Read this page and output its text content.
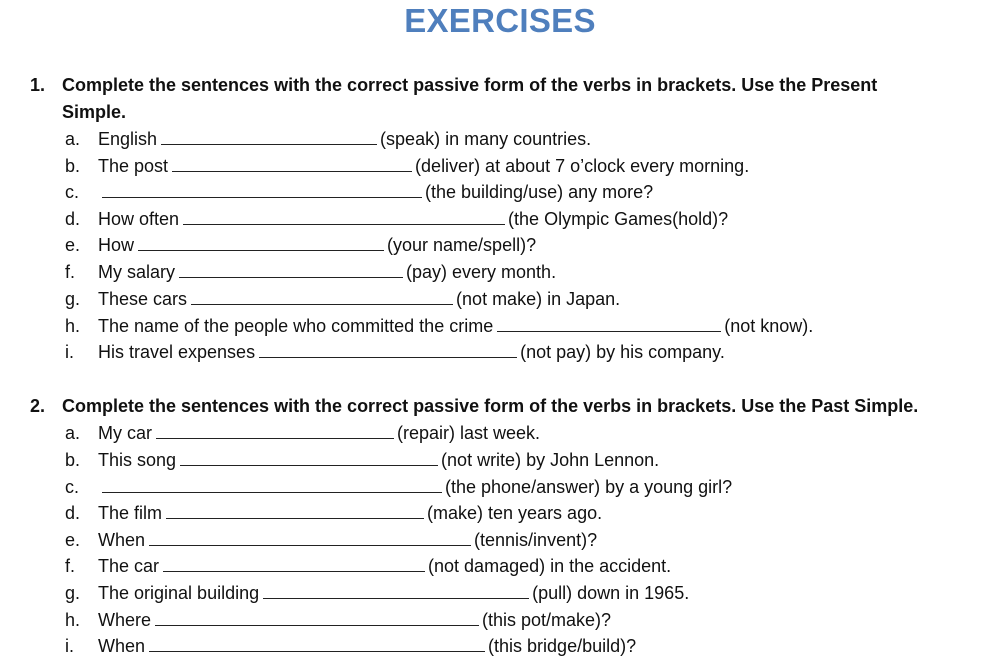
EXERCISES
1. Complete the sentences with the correct passive form of the verbs in brackets. Use the Present
Simple.
a. English	(speak) in many countries.
b. The post	(deliver) at about 7 o’clock every morning.
c.	(the building/use) any more?
d. How often	(the Olympic Games(hold)?
e. How	(your name/spell)?
f. My salary	(pay) every month.
g. These cars	(not make) in Japan.
h. The name of the people who committed the crime	(not know).
i. His travel expenses	(not pay) by his company.
2. Complete the sentences with the correct passive form of the verbs in brackets. Use the Past Simple.
a. My car	(repair) last week.
b. This song	(not write) by John Lennon.
c.	(the phone/answer) by a young girl?
d. The film	(make) ten years ago.
e. When	(tennis/invent)?
f. The car	(not damaged) in the accident.
g. The original building	(pull) down in 1965.
h. Where	(this pot/make)?
i. When	(this bridge/build)?
